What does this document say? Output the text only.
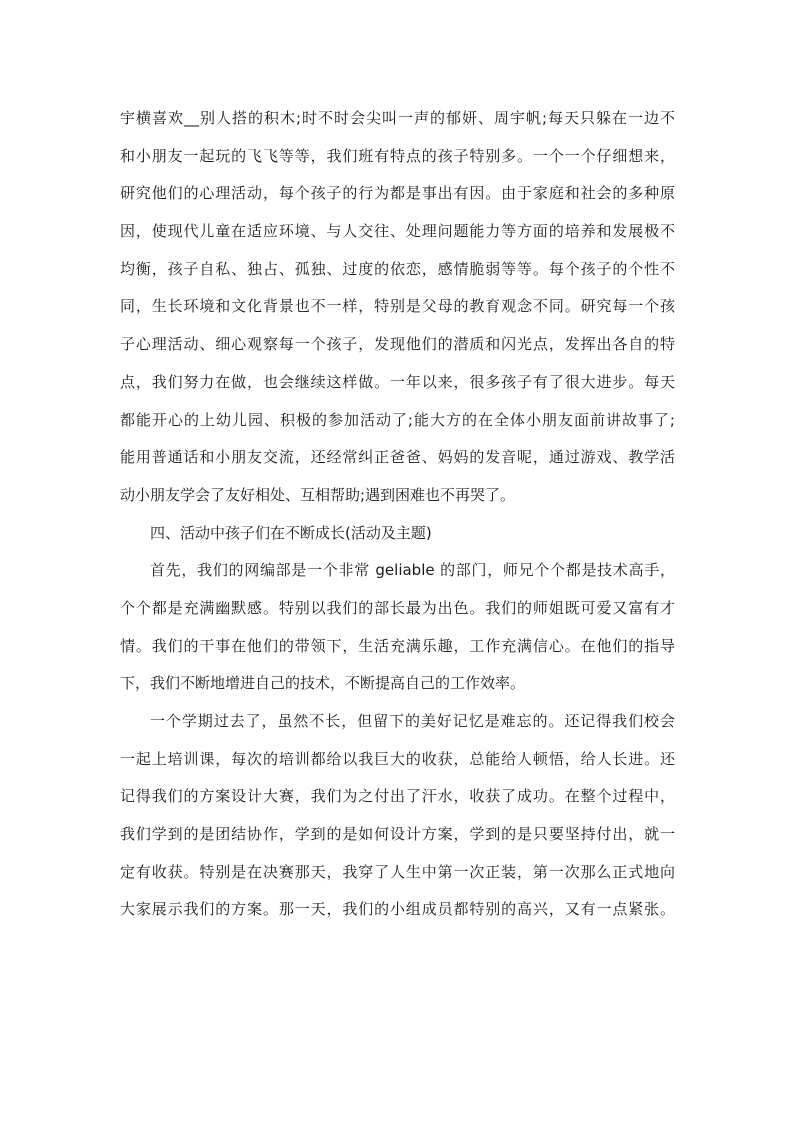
宇横喜欢__别人搭的积木;时不时会尖叫一声的郁妍、周宇帆;每天只躲在一边不
和小朋友一起玩的飞飞等等，我们班有特点的孩子特别多。一个一个仔细想来，
研究他们的心理活动，每个孩子的行为都是事出有因。由于家庭和社会的多种原
因，使现代儿童在适应环境、与人交往、处理问题能力等方面的培养和发展极不
均衡，孩子自私、独占、孤独、过度的依恋，感情脆弱等等。每个孩子的个性不
同，生长环境和文化背景也不一样，特别是父母的教育观念不同。研究每一个孩
子心理活动、细心观察每一个孩子，发现他们的潜质和闪光点，发挥出各自的特
点，我们努力在做，也会继续这样做。一年以来，很多孩子有了很大进步。每天
都能开心的上幼儿园、积极的参加活动了;能大方的在全体小朋友面前讲故事了;
能用普通话和小朋友交流，还经常纠正爸爸、妈妈的发音呢，通过游戏、教学活
动小朋友学会了友好相处、互相帮助;遇到困难也不再哭了。
四、活动中孩子们在不断成长(活动及主题)
首先，我们的网编部是一个非常 geliable 的部门，师兄个个都是技术高手，
个个都是充满幽默感。特别以我们的部长最为出色。我们的师姐既可爱又富有才
情。我们的干事在他们的带领下，生活充满乐趣，工作充满信心。在他们的指导
下，我们不断地增进自己的技术，不断提高自己的工作效率。
一个学期过去了，虽然不长，但留下的美好记忆是难忘的。还记得我们校会
一起上培训课，每次的培训都给以我巨大的收获，总能给人顿悟，给人长进。还
记得我们的方案设计大赛，我们为之付出了汗水，收获了成功。在整个过程中，
我们学到的是团结协作，学到的是如何设计方案，学到的是只要坚持付出，就一
定有收获。特别是在决赛那天，我穿了人生中第一次正装，第一次那么正式地向
大家展示我们的方案。那一天，我们的小组成员都特别的高兴，又有一点紧张。
